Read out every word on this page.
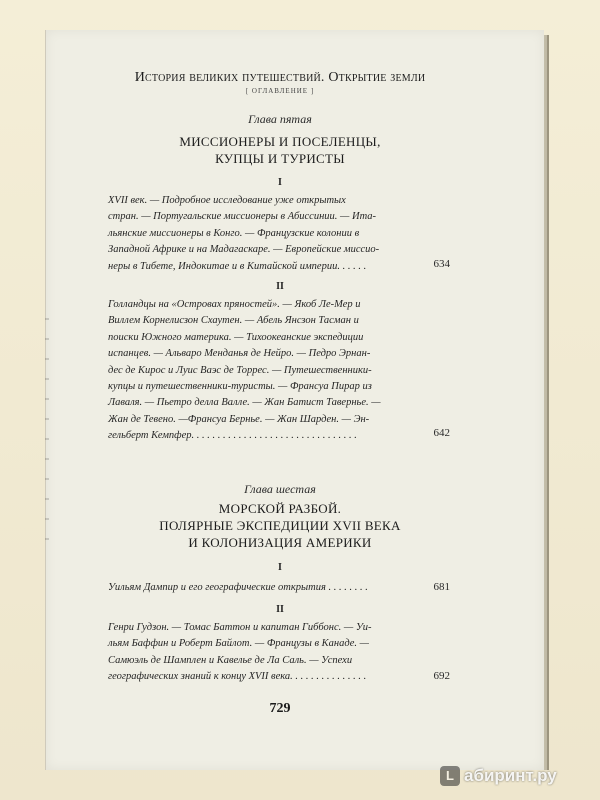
История великих путешествий. Открытие земли
[ ОГЛАВЛЕНИЕ ]
Глава пятая
МИССИОНЕРЫ И ПОСЕЛЕНЦЫ,
КУПЦЫ И ТУРИСТЫ
I
XVII век. — Подробное исследование уже открытых
стран. — Португальские миссионеры в Абиссинии. — Ита-
льянские миссионеры в Конго. — Французские колонии в
Западной Африке и на Мадагаскаре. — Европейские миссио-
неры в Тибете, Индокитае и в Китайской империи. . . . . .	634
II
Голландцы на «Островах пряностей». — Якоб Ле-Мер и
Виллем Корнелисзон Схаутен. — Абель Янсзон Тасман и
поиски Южного материка. — Тихоокеанские экспедиции
испанцев. — Альваро Менданья де Нейро. — Педро Эрнан-
дес де Кирос и Луис Ваэс де Торрес. — Путешественники-
купцы и путешественники-туристы. — Франсуа Пирар из
Лаваля. — Пьетро делла Валле. — Жан Батист Тавернье. —
Жан де Тевено. —Франсуа Бернье. — Жан Шарден. — Эн-
гельберт Кемпфер. . . . . . . . . . . . . . . . . . . . . . . . . . . . . . . .	642
Глава шестая
МОРСКОЙ РАЗБОЙ.
ПОЛЯРНЫЕ ЭКСПЕДИЦИИ XVII ВЕКА
И КОЛОНИЗАЦИЯ АМЕРИКИ
I
Уильям Дампир и его географические открытия . . . . . . . .	681
II
Генри Гудзон. — Томас Баттон и капитан Гиббонс. — Уи-
льям Баффин и Роберт Байлот. — Французы в Канаде. —
Самюэль де Шамплен и Кавелье де Ла Саль. — Успехи
географических знаний к концу XVII века. . . . . . . . . . . . . . .	692
729
L абиринт.ру
